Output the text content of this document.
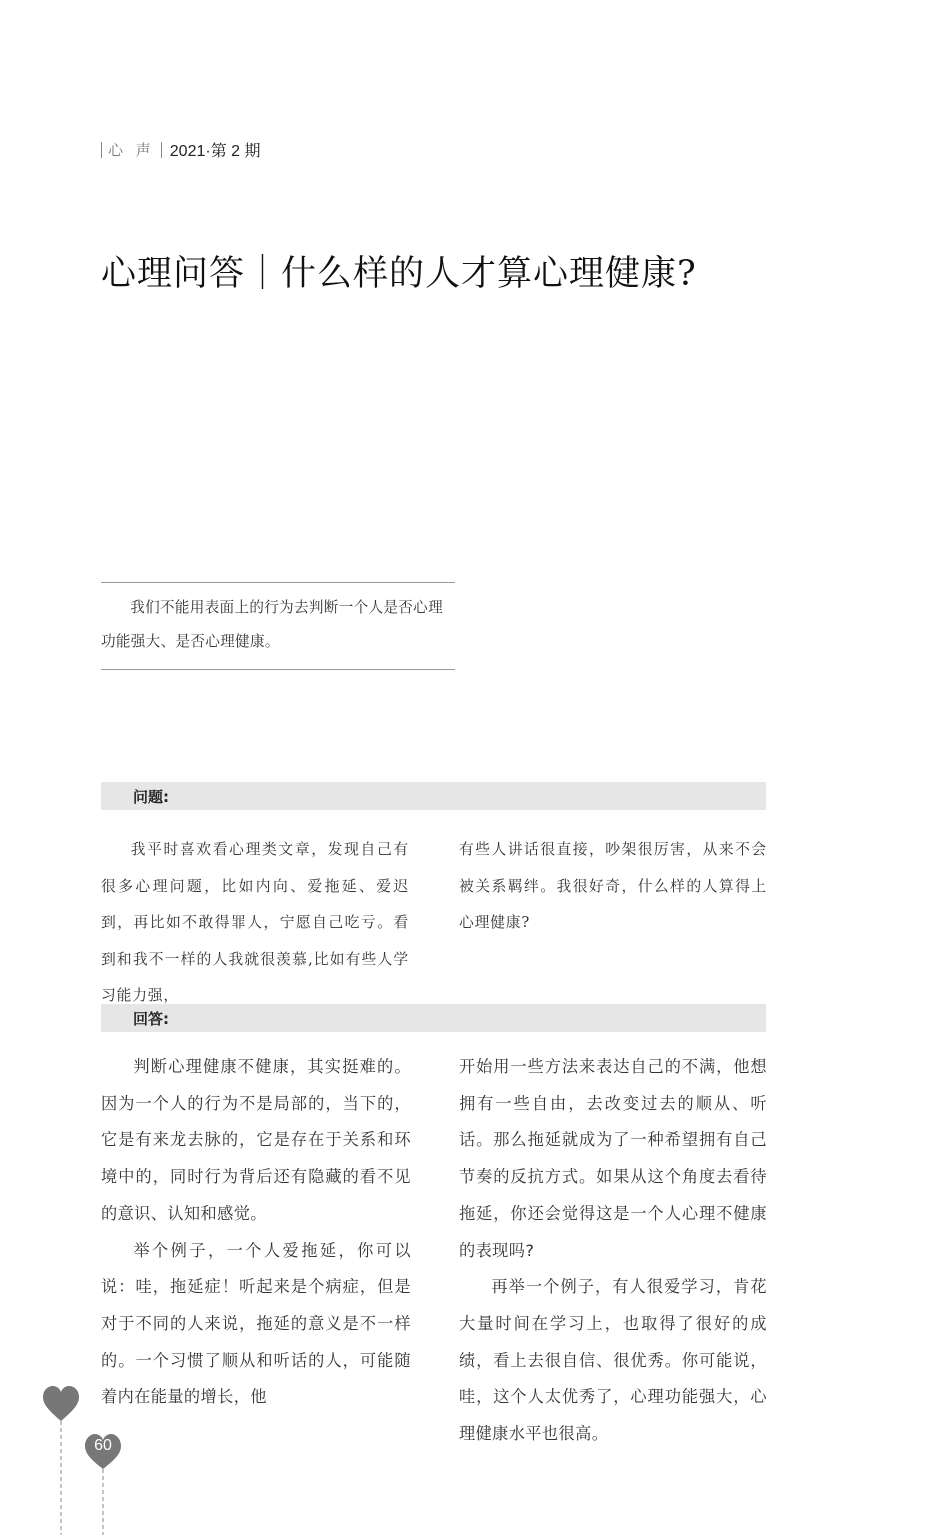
心 声 2021·第 2 期
心理问答｜什么样的人才算心理健康?

我们不能用表面上的行为去判断一个人是否心理功能强大、是否心理健康。

问题:

我平时喜欢看心理类文章，发现自己有很多心理问题，比如内向、爱拖延、爱迟到，再比如不敢得罪人，宁愿自己吃亏。看到和我不一样的人我就很羡慕,比如有些人学习能力强，

有些人讲话很直接，吵架很厉害，从来不会被关系羁绊。我很好奇，什么样的人算得上心理健康?

回答:

判断心理健康不健康，其实挺难的。因为一个人的行为不是局部的，当下的，它是有来龙去脉的，它是存在于关系和环境中的，同时行为背后还有隐藏的看不见的意识、认知和感觉。

举个例子，一个人爱拖延，你可以说：哇，拖延症！听起来是个病症，但是对于不同的人来说，拖延的意义是不一样的。一个习惯了顺从和听话的人，可能随着内在能量的增长，他

开始用一些方法来表达自己的不满，他想拥有一些自由，去改变过去的顺从、听话。那么拖延就成为了一种希望拥有自己节奏的反抗方式。如果从这个角度去看待拖延，你还会觉得这是一个人心理不健康的表现吗?

再举一个例子，有人很爱学习，肯花大量时间在学习上，也取得了很好的成绩，看上去很自信、很优秀。你可能说，哇，这个人太优秀了，心理功能强大，心理健康水平也很高。

60
